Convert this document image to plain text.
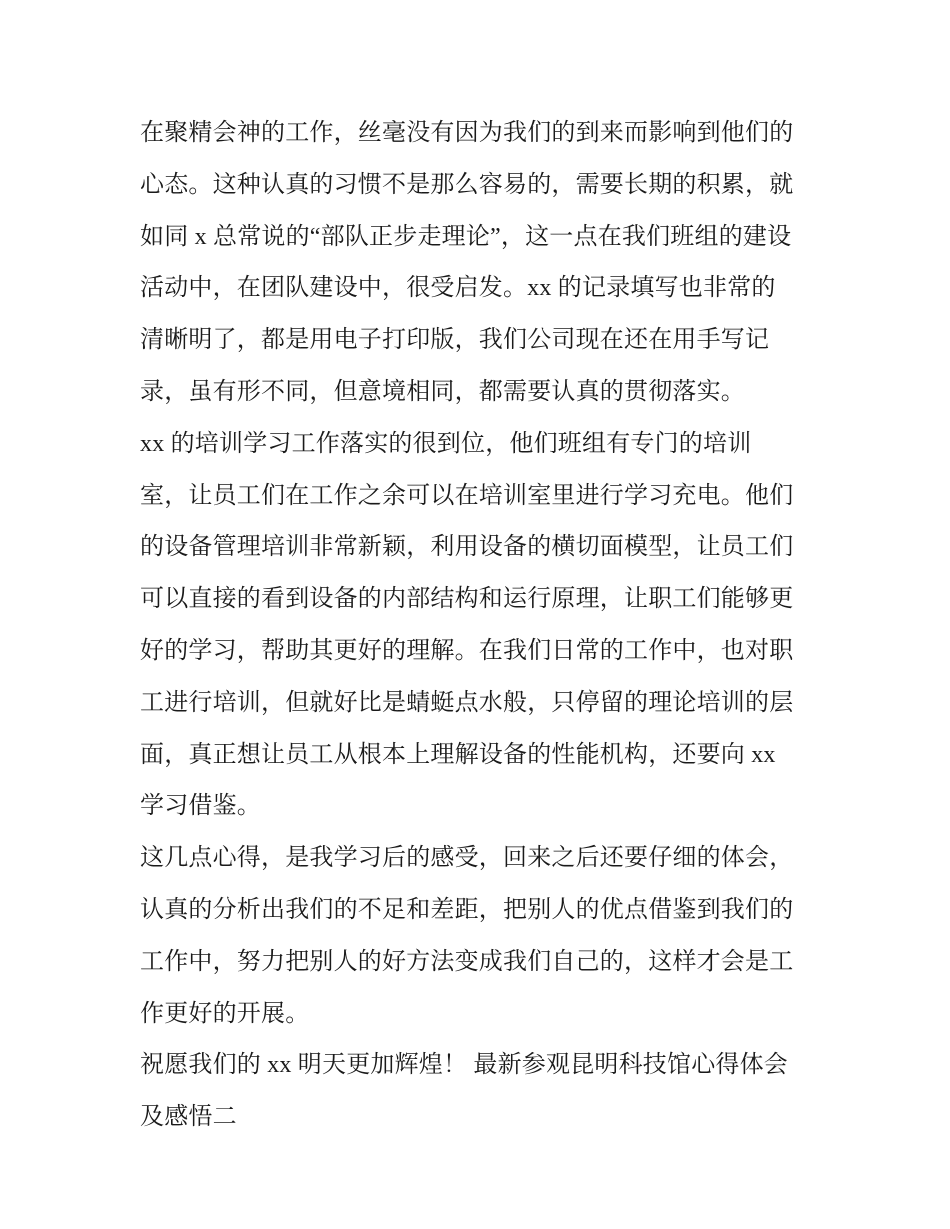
在聚精会神的工作，丝毫没有因为我们的到来而影响到他们的
心态。这种认真的习惯不是那么容易的，需要长期的积累，就
如同 x 总常说的“部队正步走理论”，这一点在我们班组的建设
活动中，在团队建设中，很受启发。xx 的记录填写也非常的
清晰明了，都是用电子打印版，我们公司现在还在用手写记
录，虽有形不同，但意境相同，都需要认真的贯彻落实。
xx 的培训学习工作落实的很到位，他们班组有专门的培训
室，让员工们在工作之余可以在培训室里进行学习充电。他们
的设备管理培训非常新颖，利用设备的横切面模型，让员工们
可以直接的看到设备的内部结构和运行原理，让职工们能够更
好的学习，帮助其更好的理解。在我们日常的工作中，也对职
工进行培训，但就好比是蜻蜓点水般，只停留的理论培训的层
面，真正想让员工从根本上理解设备的性能机构，还要向 xx
学习借鉴。
这几点心得，是我学习后的感受，回来之后还要仔细的体会，
认真的分析出我们的不足和差距，把别人的优点借鉴到我们的
工作中，努力把别人的好方法变成我们自己的，这样才会是工
作更好的开展。
祝愿我们的 xx 明天更加辉煌！ 最新参观昆明科技馆心得体会
及感悟二
